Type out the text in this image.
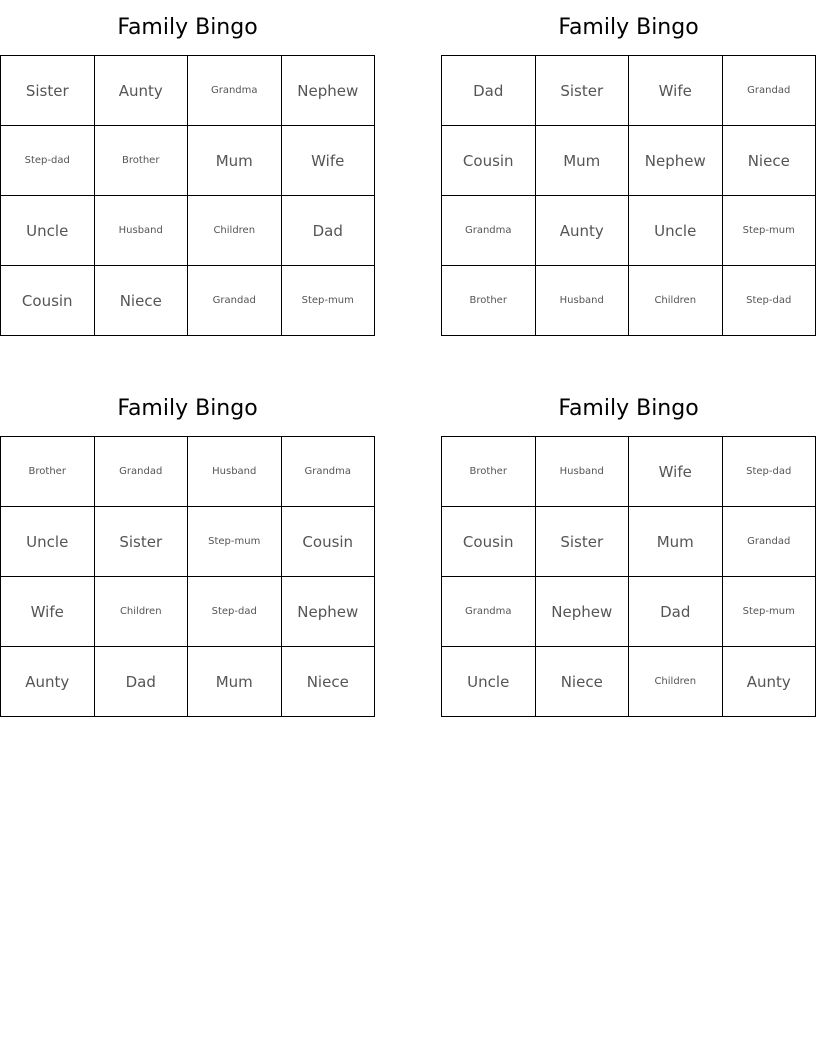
Family Bingo
Sister	Aunty	Grandma	Nephew
Step-dad	Brother	Mum	Wife
Uncle	Husband	Children	Dad
Cousin	Niece	Grandad	Step-mum
Family Bingo
Dad	Sister	Wife	Grandad
Cousin	Mum	Nephew	Niece
Grandma	Aunty	Uncle	Step-mum
Brother	Husband	Children	Step-dad
Family Bingo
Brother	Grandad	Husband	Grandma
Uncle	Sister	Step-mum	Cousin
Wife	Children	Step-dad	Nephew
Aunty	Dad	Mum	Niece
Family Bingo
Brother	Husband	Wife	Step-dad
Cousin	Sister	Mum	Grandad
Grandma	Nephew	Dad	Step-mum
Uncle	Niece	Children	Aunty
